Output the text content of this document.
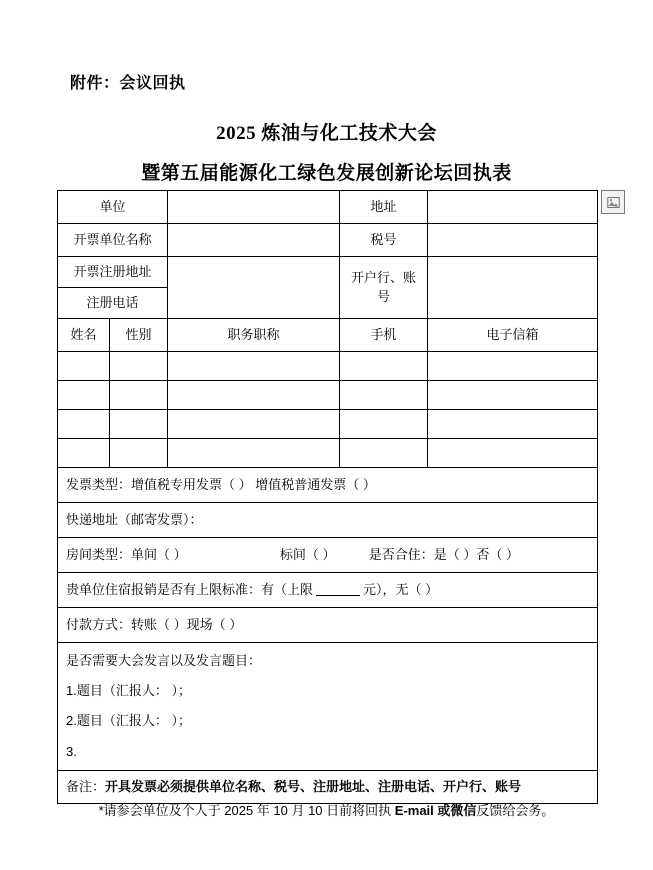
附件：会议回执
2025 炼油与化工技术大会
暨第五届能源化工绿色发展创新论坛回执表
单位			地址	
开票单位名称			税号	
开票注册地址			开户行、账号	
注册电话				
姓名	性别	职务职称	手机	电子信箱

发票类型：增值税专用发票（ ） 增值税普通发票（ ）				
快递地址（邮寄发票）：				
房间类型：单间（ ） 标间（ ） 是否合住：是（ ）否（ ）				
贵单位住宿报销是否有上限标准：有（上限 元），无（ ）				
付款方式：转账（ ）现场（ ）				

是否需要大会发言以及发言题目：
1.题目（汇报人： ）；
2.题目（汇报人： ）；
3.				

备注：开具发票必须提供单位名称、税号、注册地址、注册电话、开户行、账号				
*请参会单位及个人于 2025 年 10 月 10 日前将回执 E-mail 或微信反馈给会务。
